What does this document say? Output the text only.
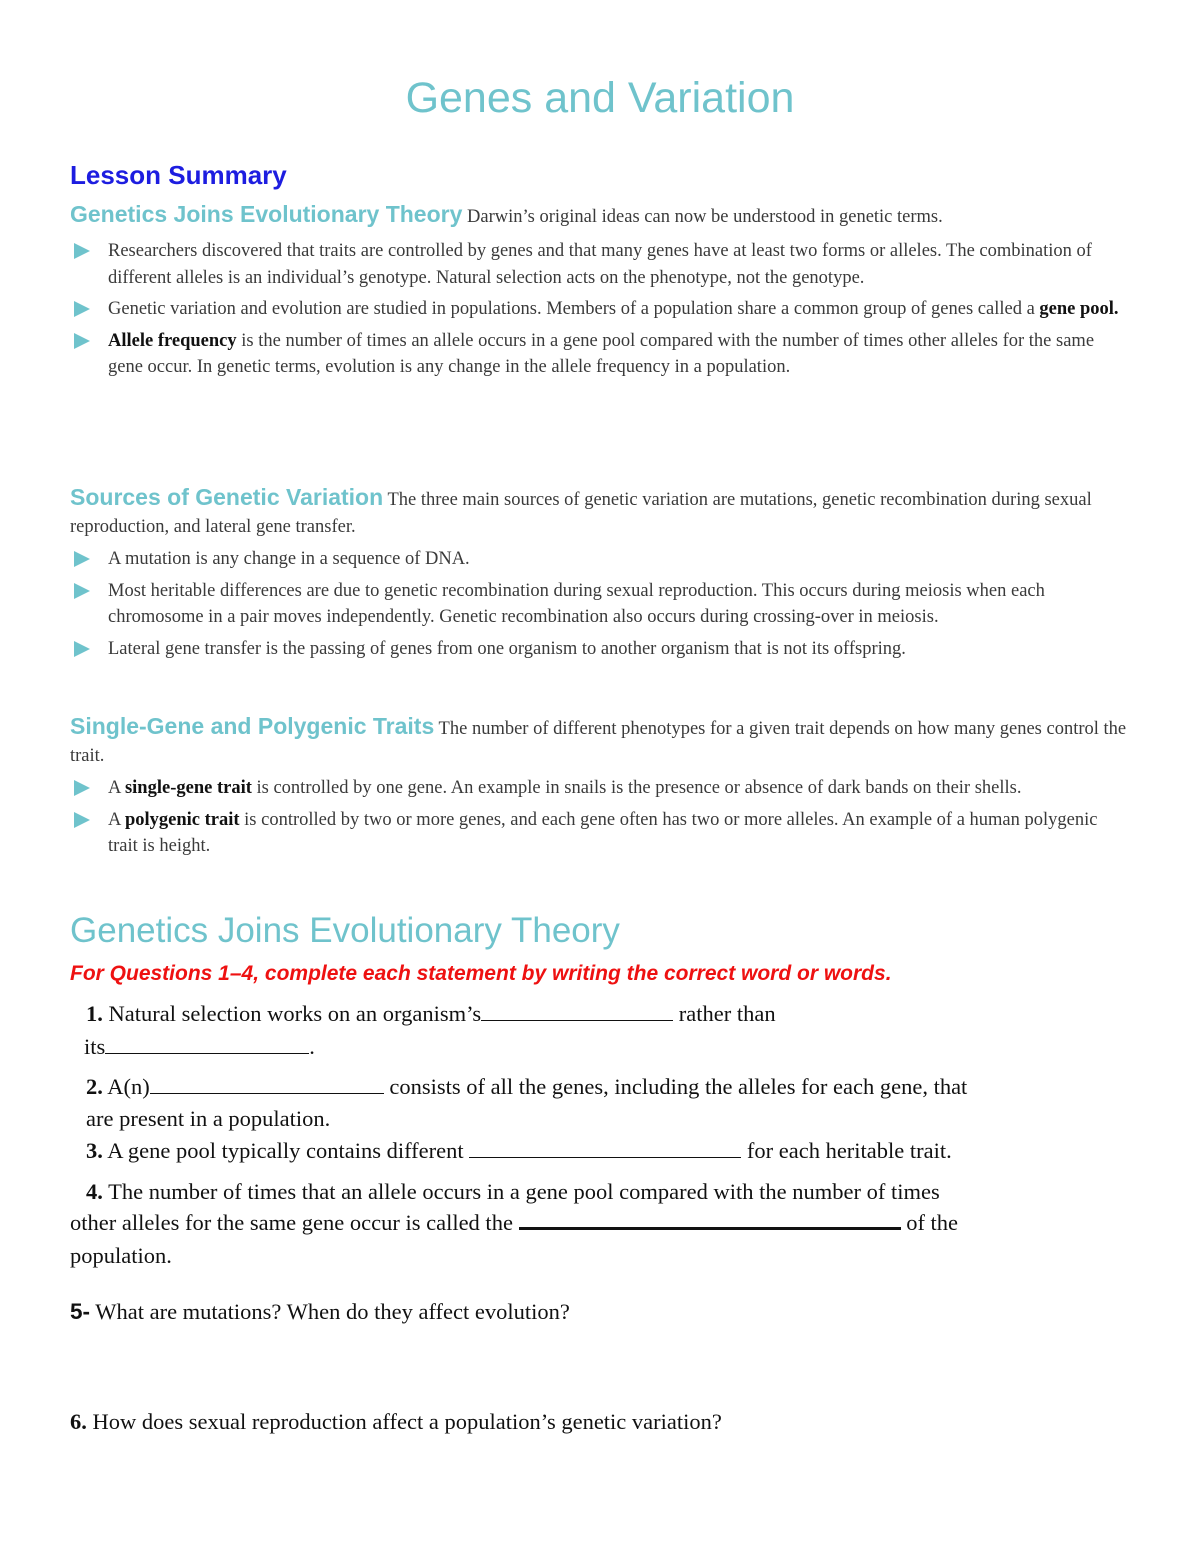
Genes and Variation
Lesson Summary
Genetics Joins Evolutionary Theory Darwin’s original ideas can now be understood in genetic terms.
Researchers discovered that traits are controlled by genes and that many genes have at least two forms or alleles. The combination of different alleles is an individual’s genotype. Natural selection acts on the phenotype, not the genotype.
Genetic variation and evolution are studied in populations. Members of a population share a common group of genes called a gene pool.
Allele frequency is the number of times an allele occurs in a gene pool compared with the number of times other alleles for the same gene occur. In genetic terms, evolution is any change in the allele frequency in a population.
Sources of Genetic Variation The three main sources of genetic variation are mutations, genetic recombination during sexual reproduction, and lateral gene transfer.
A mutation is any change in a sequence of DNA.
Most heritable differences are due to genetic recombination during sexual reproduction. This occurs during meiosis when each chromosome in a pair moves independently. Genetic recombination also occurs during crossing-over in meiosis.
Lateral gene transfer is the passing of genes from one organism to another organism that is not its offspring.
Single-Gene and Polygenic Traits The number of different phenotypes for a given trait depends on how many genes control the trait.
A single-gene trait is controlled by one gene. An example in snails is the presence or absence of dark bands on their shells.
A polygenic trait is controlled by two or more genes, and each gene often has two or more alleles. An example of a human polygenic trait is height.
Genetics Joins Evolutionary Theory
For Questions 1–4, complete each statement by writing the correct word or words.
1. Natural selection works on an organism’s	rather than
its	.
2. A(n)	consists of all the genes, including the alleles for each gene, that
are present in a population.
3. A gene pool typically contains different	for each heritable trait.
4. The number of times that an allele occurs in a gene pool compared with the number of times
other alleles for the same gene occur is called the	of the
population.
5- What are mutations? When do they affect evolution?
6. How does sexual reproduction affect a population’s genetic variation?
